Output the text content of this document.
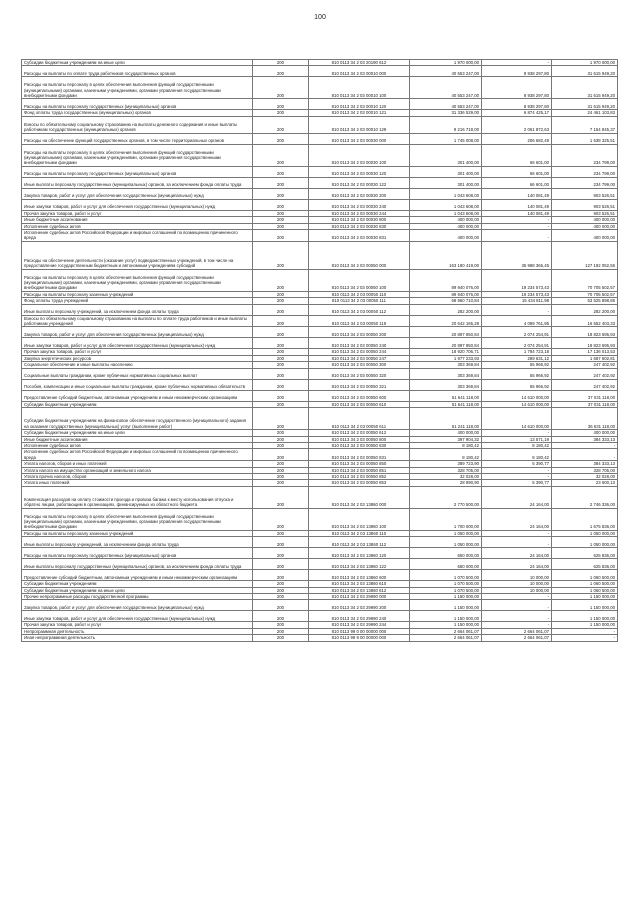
100
Субсидии бюджетным учреждениям на иные цели	200	810 0113 34 2 03 20190 612	1 970 000,00	-	1 970 000,00
Расходы на выплаты по оплате труда работников государственных органов	200	810 0113 34 2 03 00010 000	40 553 247,00	8 938 297,80	31 615 949,20
Расходы на выплаты персоналу в целях обеспечения выполнения функций государственными (муниципальными) органами, казенными учреждениями, органами управления государственными внебюджетными фондами	200	810 0113 34 2 03 00010 100	40 553 247,00	8 938 297,80	31 615 949,20
Расходы на выплаты персоналу государственных (муниципальных) органов	200	810 0113 34 2 03 00010 120	40 553 247,00	8 938 297,80	31 615 949,20
Фонд оплаты труда государственных (муниципальных) органов	200	810 0113 34 2 03 00010 121	31 336 529,00	6 874 425,17	24 461 103,83
Взносы по обязательному социальному страхованию на выплаты денежного содержания и иные выплаты работникам государственных (муниципальных) органов	200	810 0113 34 2 03 00010 129	9 216 718,00	2 061 872,63	7 154 845,37
Расходы на обеспечение функций государственных органов, в том числе территориальных органов	200	810 0113 34 2 03 00030 000	1 745 008,00	206 682,49	1 538 325,51
Расходы на выплаты персоналу в целях обеспечения выполнения функций государственными (муниципальными) органами, казенными учреждениями, органами управления государственными внебюджетными фондами	200	810 0113 34 2 03 00030 100	301 400,00	66 601,00	234 799,00
Расходы на выплаты персоналу государственных (муниципальных) органов	200	810 0113 34 2 03 00030 120	301 400,00	66 601,00	234 799,00
Иные выплаты персоналу государственных (муниципальных) органов, за исключением фонда оплаты труда	200	810 0113 34 2 03 00030 122	301 400,00	66 601,00	234 799,00
Закупка товаров, работ и услуг для обеспечения государственных (муниципальных) нужд	200	810 0113 34 2 03 00030 200	1 043 608,00	140 081,49	903 526,51
Иные закупки товаров, работ и услуг для обеспечения государственных (муниципальных) нужд	200	810 0113 34 2 03 00030 240	1 043 608,00	140 081,49	903 526,51
Прочая закупка товаров, работ и услуг	200	810 0113 34 2 03 00030 244	1 043 608,00	140 081,49	903 526,51
Иные бюджетные ассигнования	200	810 0113 34 2 03 00030 800	400 000,00	-	400 000,00
Исполнение судебных актов	200	810 0113 34 2 03 00030 830	400 000,00	-	400 000,00
Исполнение судебных актов Российской Федерации и мировых соглашений по возмещению причиненного вреда	200	810 0113 34 2 03 00030 831	400 000,00	-	400 000,00
Расходы на обеспечение деятельности (оказание услуг) подведомственных учреждений, в том числе на предоставление государственным бюджетным и автономным учреждениям субсидий	200	810 0113 34 2 03 00050 000	163 180 419,00	35 988 366,45	127 192 052,55
Расходы на выплаты персоналу в целях обеспечения выполнения функций государственными (муниципальными) органами, казенными учреждениями, органами управления государственными внебюджетными фондами	200	810 0113 34 2 03 00050 100	89 940 076,00	19 234 573,43	70 705 502,57
Расходы на выплаты персоналу казенных учреждений	200	810 0113 34 2 03 00050 110	89 940 076,00	19 234 573,43	70 705 502,57
Фонд оплаты труда учреждений	200	810 0113 34 2 03 00050 111	68 960 710,84	15 434 811,98	53 525 898,86
Иные выплаты персоналу учреждений, за исключением фонда оплаты труда	200	810 0113 34 2 03 00050 112	282 200,00	-	282 200,00
Взносы по обязательному социальному страхованию на выплаты по оплате труда работников и иные выплаты работникам учреждений	200	810 0113 34 2 03 00050 119	20 642 165,28	4 089 761,95	16 552 403,33
Закупка товаров, работ и услуг для обеспечения государственных (муниципальных) нужд	200	810 0113 34 2 03 00050 200	20 897 950,84	2 074 254,91	18 823 695,93
Иные закупки товаров, работ и услуг для обеспечения государственных (муниципальных) нужд	200	810 0113 34 2 03 00050 240	20 897 950,84	2 074 254,91	18 823 695,93
Прочая закупка товаров, работ и услуг	200	810 0113 34 2 03 00050 244	18 920 706,71	1 784 723,18	17 136 013,53
Закупка энергетических ресурсов	200	810 0113 34 2 03 00050 247	1 977 233,93	289 631,12	1 687 602,81
Социальное обеспечение и иные выплаты населению	200	810 0113 34 2 03 00050 300	303 369,84	55 966,92	247 402,92
Социальные выплаты гражданам, кроме публичных нормативных социальных выплат	200	810 0113 34 2 03 00050 320	303 369,84	55 966,92	247 402,92
Пособия, компенсации и иные социальные выплаты гражданам, кроме публичных нормативных обязательств	200	810 0113 34 2 03 00050 321	303 369,84	55 966,92	247 402,92
Предоставление субсидий бюджетным, автономным учреждениям и иным некоммерческим организациям	200	810 0113 34 2 03 00050 600	51 641 118,00	14 610 000,00	37 031 118,00
Субсидии бюджетным учреждениям	200	810 0113 34 2 03 00050 610	51 641 118,00	14 610 000,00	37 031 118,00
Субсидии бюджетным учреждениям на финансовое обеспечение государственного (муниципального) задания на оказание государственных (муниципальных) услуг (выполнение работ)	200	810 0113 34 2 03 00050 611	51 241 118,00	14 610 000,00	36 631 118,00
Субсидии бюджетным учреждениям на иные цели	200	810 0113 34 2 03 00050 612	400 000,00	-	400 000,00
Иные бюджетные ассигнования	200	810 0113 34 2 03 00050 800	397 904,32	13 571,19	384 333,13
Исполнение судебных актов	200	810 0113 34 2 03 00050 830	8 180,42	8 180,42	-
Исполнение судебных актов Российской Федерации и мировых соглашений по возмещению причиненного вреда	200	810 0113 34 2 03 00050 831	8 180,42	8 180,42	-
Уплата налогов, сборов и иных платежей	200	810 0113 34 2 03 00050 850	389 723,90	5 390,77	384 333,13
Уплата налога на имущество организаций и земельного налога	200	810 0113 34 2 03 00050 851	328 705,00	-	328 705,00
Уплата прочих налогов, сборов	200	810 0113 34 2 03 00050 852	32 028,00	-	32 028,00
Уплата иных платежей	200	810 0113 34 2 03 00050 853	28 990,90	5 390,77	23 600,13
Компенсация расходов на оплату стоимости проезда и провоза багажа к месту использования отпуска и обратно лицам, работающим в организациях, финансируемых из областного бюджета	200	810 0113 34 2 03 13860 000	2 770 500,00	24 164,00	2 746 336,00
Расходы на выплаты персоналу в целях обеспечения выполнения функций государственными (муниципальными) органами, казенными учреждениями, органами управления государственными внебюджетными фондами	200	810 0113 34 2 03 13860 100	1 700 000,00	24 164,00	1 675 836,00
Расходы на выплаты персоналу казенных учреждений	200	810 0113 34 2 03 13860 110	1 050 000,00	-	1 050 000,00
Иные выплаты персоналу учреждений, за исключением фонда оплаты труда	200	810 0113 34 2 03 13860 112	1 050 000,00	-	1 050 000,00
Расходы на выплаты персоналу государственных (муниципальных) органов	200	810 0113 34 2 03 13860 120	650 000,00	24 164,00	625 836,00
Иные выплаты персоналу государственных (муниципальных) органов, за исключением фонда оплаты труда	200	810 0113 34 2 03 13860 122	650 000,00	24 164,00	625 836,00
Предоставление субсидий бюджетным, автономным учреждениям и иным некоммерческим организациям	200	810 0113 34 2 03 13860 600	1 070 500,00	10 000,00	1 060 500,00
Субсидии бюджетным учреждениям	200	810 0113 34 2 03 13860 610	1 070 500,00	10 000,00	1 060 500,00
Субсидии бюджетным учреждениям на иные цели	200	810 0113 34 2 03 13860 612	1 070 500,00	10 000,00	1 060 500,00
Прочие непрограммные расходы государственной программы	200	810 0113 34 2 03 29990 000	1 150 000,00	-	1 150 000,00
Закупка товаров, работ и услуг для обеспечения государственных (муниципальных) нужд	200	810 0113 34 2 03 29990 200	1 150 000,00	-	1 150 000,00
Иные закупки товаров, работ и услуг для обеспечения государственных (муниципальных) нужд	200	810 0113 34 2 03 29990 240	1 150 000,00	-	1 150 000,00
Прочая закупка товаров, работ и услуг	200	810 0113 34 2 03 29990 244	1 150 000,00	-	1 150 000,00
Непрограммная деятельность	200	810 0113 99 0 00 00000 000	2 664 061,07	2 664 061,07	-
Иная непрограммная деятельность	200	810 0113 99 9 00 00000 000	2 664 061,07	2 664 061,07	-
